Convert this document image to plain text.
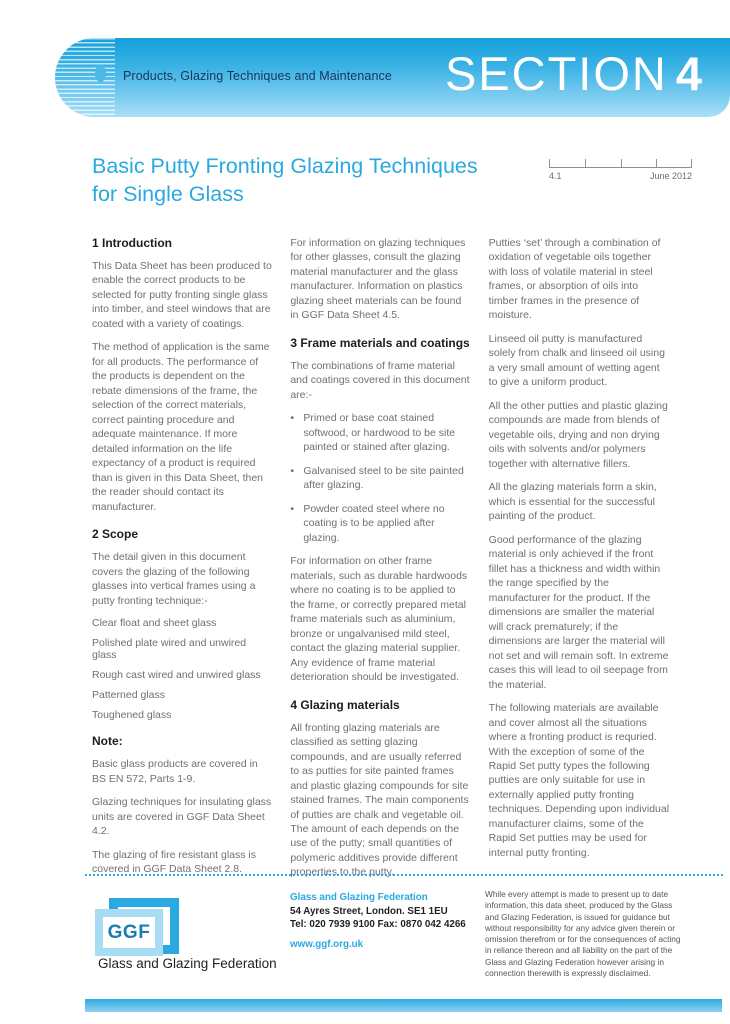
Products, Glazing Techniques and Maintenance SECTION 4
Basic Putty Fronting Glazing Techniques for Single Glass
4.1	June 2012
1 Introduction

This Data Sheet has been produced to enable the correct products to be selected for putty fronting single glass into timber, and steel windows that are coated with a variety of coatings.

The method of application is the same for all products. The performance of the products is dependent on the rebate dimensions of the frame, the selection of the correct materials, correct painting procedure and adequate maintenance. If more detailed information on the life expectancy of a product is required than is given in this Data Sheet, then the reader should contact its manufacturer.

2 Scope

The detail given in this document covers the glazing of the following glasses into vertical frames using a putty fronting technique:-

Clear float and sheet glass
Polished plate wired and unwired glass
Rough cast wired and unwired glass
Patterned glass
Toughened glass
Note:

Basic glass products are covered in BS EN 572, Parts 1-9.

Glazing techniques for insulating glass units are covered in GGF Data Sheet 4.2.

The glazing of fire resistant glass is covered in GGF Data Sheet 2.8.

For information on glazing techniques for other glasses, consult the glazing material manufacturer and the glass manufacturer. Information on plastics glazing sheet materials can be found in GGF Data Sheet 4.5.

3 Frame materials and coatings

The combinations of frame material and coatings covered in this document are:-

•
Primed or base coat stained softwood, or hardwood to be site painted or stained after glazing.
•
Galvanised steel to be site painted after glazing.
•
Powder coated steel where no coating is to be applied after glazing.

For information on other frame materials, such as durable hardwoods where no coating is to be applied to the frame, or correctly prepared metal frame materials such as aluminium, bronze or ungalvanised mild steel, contact the glazing material supplier. Any evidence of frame material deterioration should be investigated.

4 Glazing materials

All fronting glazing materials are classified as setting glazing compounds, and are usually referred to as putties for site painted frames and plastic glazing compounds for site stained frames. The main components of putties are chalk and vegetable oil. The amount of each depends on the use of the putty; small quantities of polymeric additives provide different properties to the putty.

Putties ‘set’ through a combination of oxidation of vegetable oils together with loss of volatile material in steel frames, or absorption of oils into timber frames in the presence of moisture.

Linseed oil putty is manufactured solely from chalk and linseed oil using a very small amount of wetting agent to give a uniform product.

All the other putties and plastic glazing compounds are made from blends of vegetable oils, drying and non drying oils with solvents and/or polymers together with alternative fillers.

All the glazing materials form a skin, which is essential for the successful painting of the product.

Good performance of the glazing material is only achieved if the front fillet has a thickness and width within the range specified by the manufacturer for the product. If the dimensions are smaller the material will crack prematurely; if the dimensions are larger the material will not set and will remain soft. In extreme cases this will lead to oil seepage from the material.

The following materials are available and cover almost all the situations where a fronting product is requried. With the exception of some of the Rapid Set putty types the following putties are only suitable for use in externally applied putty fronting techniques. Depending upon individual manufacturer claims, some of the Rapid Set putties may be used for internal putty fronting.

GGF
Glass and Glazing Federation
Glass and Glazing Federation
54 Ayres Street, London. SE1 1EU
Tel: 020 7939 9100 Fax: 0870 042 4266
www.ggf.org.uk
While every attempt is made to present up to date information, this data sheet, produced by the Glass and Glazing Federation, is issued for guidance but without responsibility for any advice given therein or omission therefrom or for the consequences of acting in reliance thereon and all liability on the part of the Glass and Glazing Federation however arising in connection therewith is expressly disclaimed.
